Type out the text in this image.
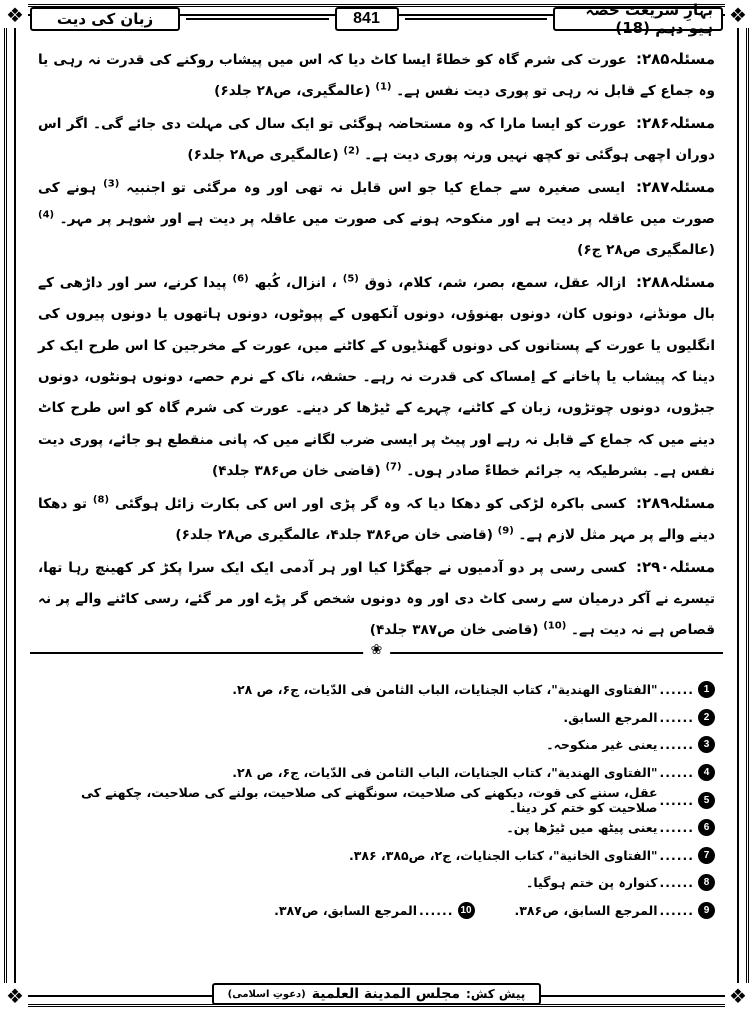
❖	❖
❖	❖
زبان کی دیت	841	بہارِ شریعت حصہ ہیو دہم (18)

مسئلہ۲۸۵: عورت کی شرم گاہ کو خطاءً ایسا کاٹ دیا کہ اس میں پیشاب روکنے کی قدرت نہ رہی یا وہ جماع کے قابل نہ رہی تو پوری دیت نفس ہے۔ $^{(1)}$ (عالمگیری، ص۲۸ جلد۶)

مسئلہ۲۸۶: عورت کو ایسا مارا کہ وہ مستحاضہ ہوگئی تو ایک سال کی مہلت دی جائے گی۔ اگر اس دوران اچھی ہوگئی تو کچھ نہیں ورنہ پوری دیت ہے۔ $^{(2)}$ (عالمگیری ص۲۸ جلد۶)

مسئلہ۲۸۷: ایسی صغیرہ سے جماع کیا جو اس قابل نہ تھی اور وہ مرگئی تو اجنبیہ $^{(3)}$ ہونے کی صورت میں عاقلہ پر دیت ہے اور منکوحہ ہونے کی صورت میں عاقلہ پر دیت ہے اور شوہر پر مہر۔ $^{(4)}$ (عالمگیری ص۲۸ ج۶)

مسئلہ۲۸۸: ازالہ عقل، سمع، بصر، شم، کلام، ذوق $^{(5)}$ ، انزال، کُبھ $^{(6)}$ پیدا کرنے، سر اور داڑھی کے بال مونڈنے، دونوں کان، دونوں بھنوؤں، دونوں آنکھوں کے پپوٹوں، دونوں ہاتھوں یا دونوں پیروں کی انگلیوں یا عورت کے پستانوں کی دونوں گھنڈیوں کے کاٹنے میں، عورت کے مخرجین کا اس طرح ایک کر دینا کہ پیشاب یا پاخانے کے اِمساک کی قدرت نہ رہے۔ حشفہ، ناک کے نرم حصے، دونوں ہونٹوں، دونوں جبڑوں، دونوں چوتڑوں، زبان کے کاٹنے، چہرے کے ٹیڑھا کر دینے۔ عورت کی شرم گاہ کو اس طرح کاٹ دینے میں کہ جماع کے قابل نہ رہے اور پیٹ پر ایسی ضرب لگانے میں کہ پانی منقطع ہو جائے، پوری دیت نفس ہے۔ بشرطیکہ یہ جرائم خطاءً صادر ہوں۔ $^{(7)}$ (قاضی خان ص۳۸۶ جلد۴)

مسئلہ۲۸۹: کسی باکرہ لڑکی کو دھکا دیا کہ وہ گر پڑی اور اس کی بکارت زائل ہوگئی $^{(8)}$ تو دھکا دینے والے پر مہر مثل لازم ہے۔ $^{(9)}$ (قاضی خان ص۳۸۶ جلد۴، عالمگیری ص۲۸ جلد۶)

مسئلہ۲۹۰: کسی رسی پر دو آدمیوں نے جھگڑا کیا اور ہر آدمی ایک ایک سرا پکڑ کر کھینچ رہا تھا، تیسرے نے آکر درمیان سے رسی کاٹ دی اور وہ دونوں شخص گر پڑے اور مر گئے، رسی کاٹنے والے پر نہ قصاص ہے نہ دیت ہے۔ $^{(10)}$ (قاضی خان ص۳۸۷ جلد۴)

❀
1
......
"الفتاوی الھندیة"، کتاب الجنایات، الباب الثامن فی الدّیات، ج۶، ص ۲۸.
2
......
المرجع السابق.
3
......
یعنی غیر منکوحہ۔
4
......
"الفتاوی الھندیة"، کتاب الجنایات، الباب الثامن فی الدّیات، ج۶، ص ۲۸.
5
......
عقل، سننے کی قوت، دیکھنے کی صلاحیت، سونگھنے کی صلاحیت، بولنے کی صلاحیت، چکھنے کی صلاحیت کو ختم کر دینا۔
6
......
یعنی پیٹھ میں ٹیڑھا پن۔
7
......
"الفتاوی الخانیة"، کتاب الجنایات، ج۲، ص۳۸۵، ۳۸۶.
8
......
کنوارہ پن ختم ہوگیا۔
9
......
المرجع السابق، ص۳۸۶.
10
......
المرجع السابق، ص۳۸۷.
پیش کش:
مجلس المدینة العلمیة
(دعوتِ اسلامی)
